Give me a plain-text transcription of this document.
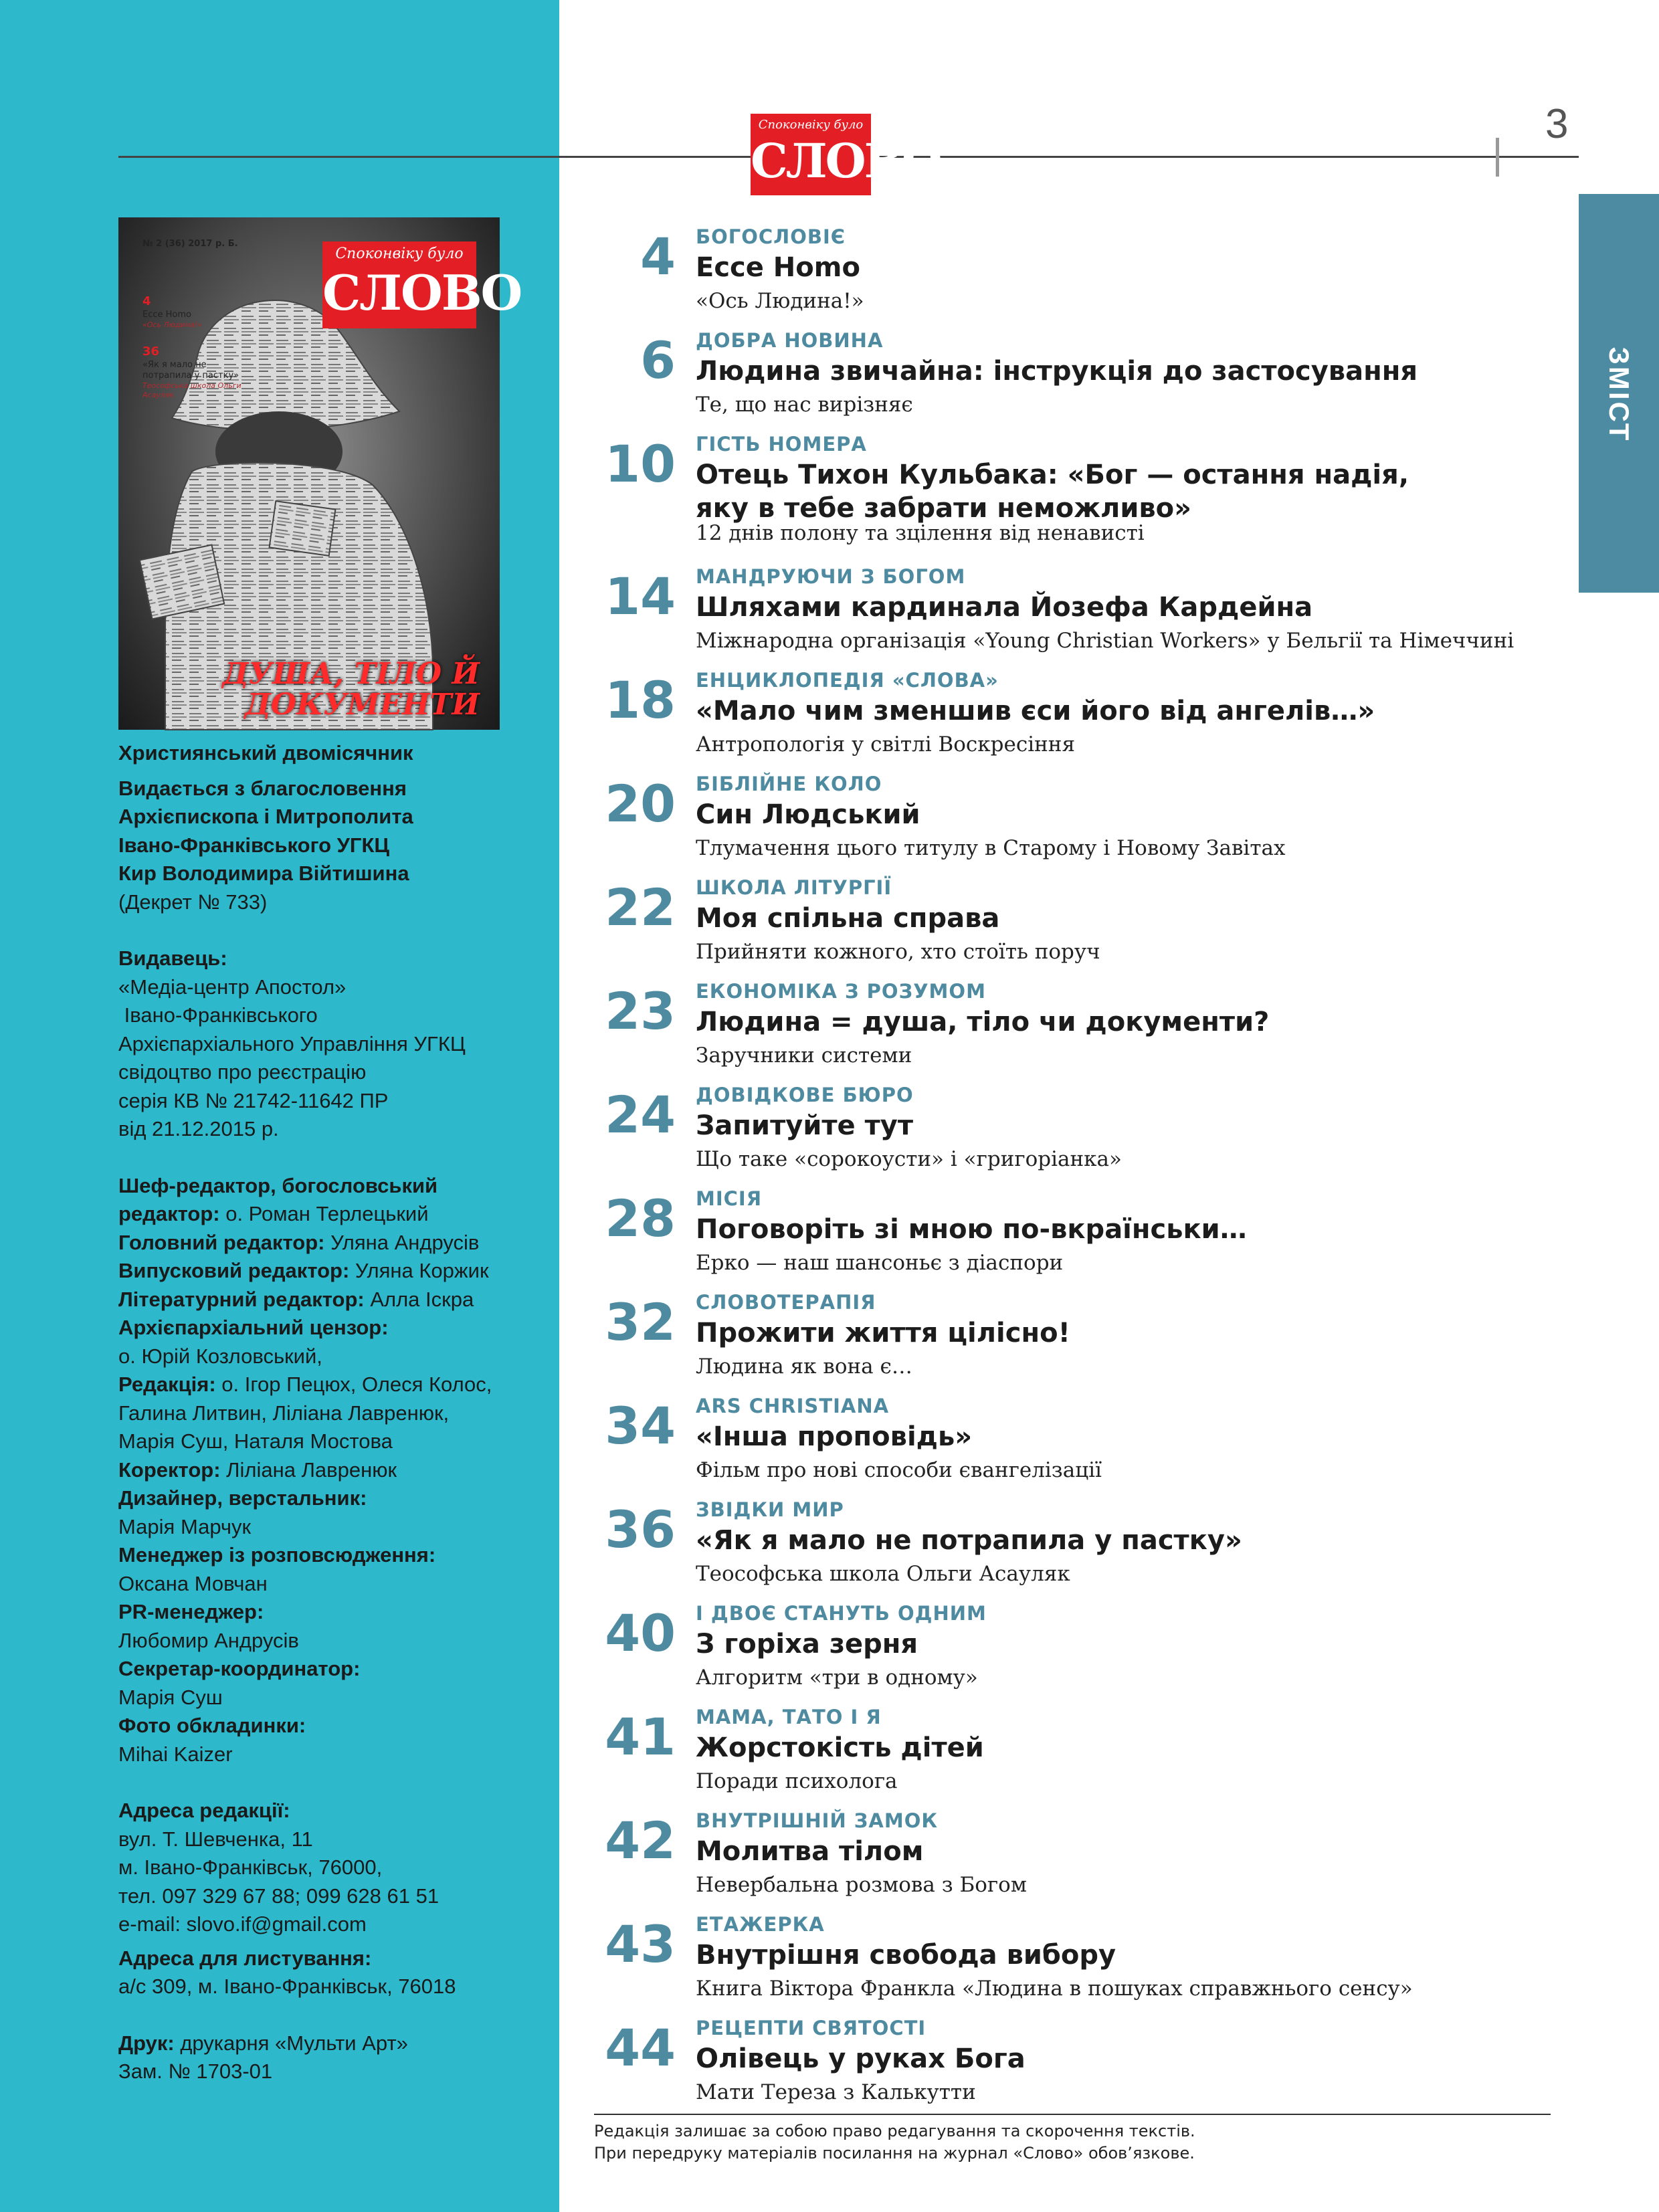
№ 2 (36) 2017 р. Б.
Споконвіку було
СЛОВО
4
Ecce Homo
«Ось Людина!»
36
«Як я мало не потрапила у пастку»
Теософська школа Ольги Асауляк
ДУША, ТІЛО Й ДОКУМЕНТИ
Християнський двомісячник
Видається з благословення
Архієпископа і Митрополита
Івано-Франківського УГКЦ
Кир Володимира Війтишина
(Декрет № 733)
Видавець:
«Медіа-центр Апостол»
Івано-Франківського
Архієпархіального Управління УГКЦ
свідоцтво про реєстрацію
серія КВ № 21742-11642 ПР
від 21.12.2015 р.
Шеф-редактор, богословський
редактор: о. Роман Терлецький
Головний редактор: Уляна Андрусів
Випусковий редактор: Уляна Коржик
Літературний редактор: Алла Іскра
Архієпархіальний цензор:
о. Юрій Козловський,
Редакція: о. Ігор Пецюх, Олеся Колос,
Галина Литвин, Ліліана Лавренюк,
Марія Суш, Наталя Мостова
Коректор: Ліліана Лавренюк
Дизайнер, верстальник:
Марія Марчук
Менеджер із розповсюдження:
Оксана Мовчан
PR-менеджер:
Любомир Андрусів
Секретар-координатор:
Марія Суш
Фото обкладинки:
Mihai Kaizer
Адреса редакції:
вул. Т. Шевченка, 11
м. Івано-Франківськ, 76000,
тел. 097 329 67 88; 099 628 61 51
e-mail: slovo.if@gmail.com
Адреса для листування:
а/с 309, м. Івано-Франківськ, 76018
Друк: друкарня «Мульти Арт»
Зам. № 1703-01
Споконвіку було
СЛОВО
3
ЗМІСТ
4 БОГОСЛОВІЄ
Ecce Homo
«Ось Людина!»
6 ДОБРА НОВИНА
Людина звичайна: інструкція до застосування
Те, що нас вирізняє
10 ГІСТЬ НОМЕРА
Отець Тихон Кульбака: «Бог — остання надія, яку в тебе забрати неможливо»
12 днів полону та зцілення від ненависті
14 МАНДРУЮЧИ З БОГОМ
Шляхами кардинала Йозефа Кардейна
Міжнародна організація «Young Christian Workers» у Бельгії та Німеччині
18 ЕНЦИКЛОПЕДІЯ «СЛОВА»
«Мало чим зменшив єси його від ангелів…»
Антропологія у світлі Воскресіння
20 БІБЛІЙНЕ КОЛО
Син Людський
Тлумачення цього титулу в Старому і Новому Завітах
22 ШКОЛА ЛІТУРГІЇ
Моя спільна справа
Прийняти кожного, хто стоїть поруч
23 ЕКОНОМІКА З РОЗУМОМ
Людина = душа, тіло чи документи?
Заручники системи
24 ДОВІДКОВЕ БЮРО
Запитуйте тут
Що таке «сорокоусти» і «григоріанка»
28 МІСІЯ
Поговоріть зі мною по-вкраїнськи…
Ерко — наш шансоньє з діаспори
32 СЛОВОТЕРАПІЯ
Прожити життя цілісно!
Людина як вона є…
34 ARS CHRISTIANA
«Інша проповідь»
Фільм про нові способи євангелізації
36 ЗВІДКИ МИР
«Як я мало не потрапила у пастку»
Теософська школа Ольги Асауляк
40 І ДВОЄ СТАНУТЬ ОДНИМ
З горіха зерня
Алгоритм «три в одному»
41 МАМА, ТАТО І Я
Жорстокість дітей
Поради психолога
42 ВНУТРІШНІЙ ЗАМОК
Молитва тілом
Невербальна розмова з Богом
43 ЕТАЖЕРКА
Внутрішня свобода вибору
Книга Віктора Франкла «Людина в пошуках справжнього сенсу»
44 РЕЦЕПТИ СВЯТОСТІ
Олівець у руках Бога
Мати Тереза з Калькутти
Редакція залишає за собою право редагування та скорочення текстів.
При передруку матеріалів посилання на журнал «Слово» обов’язкове.
